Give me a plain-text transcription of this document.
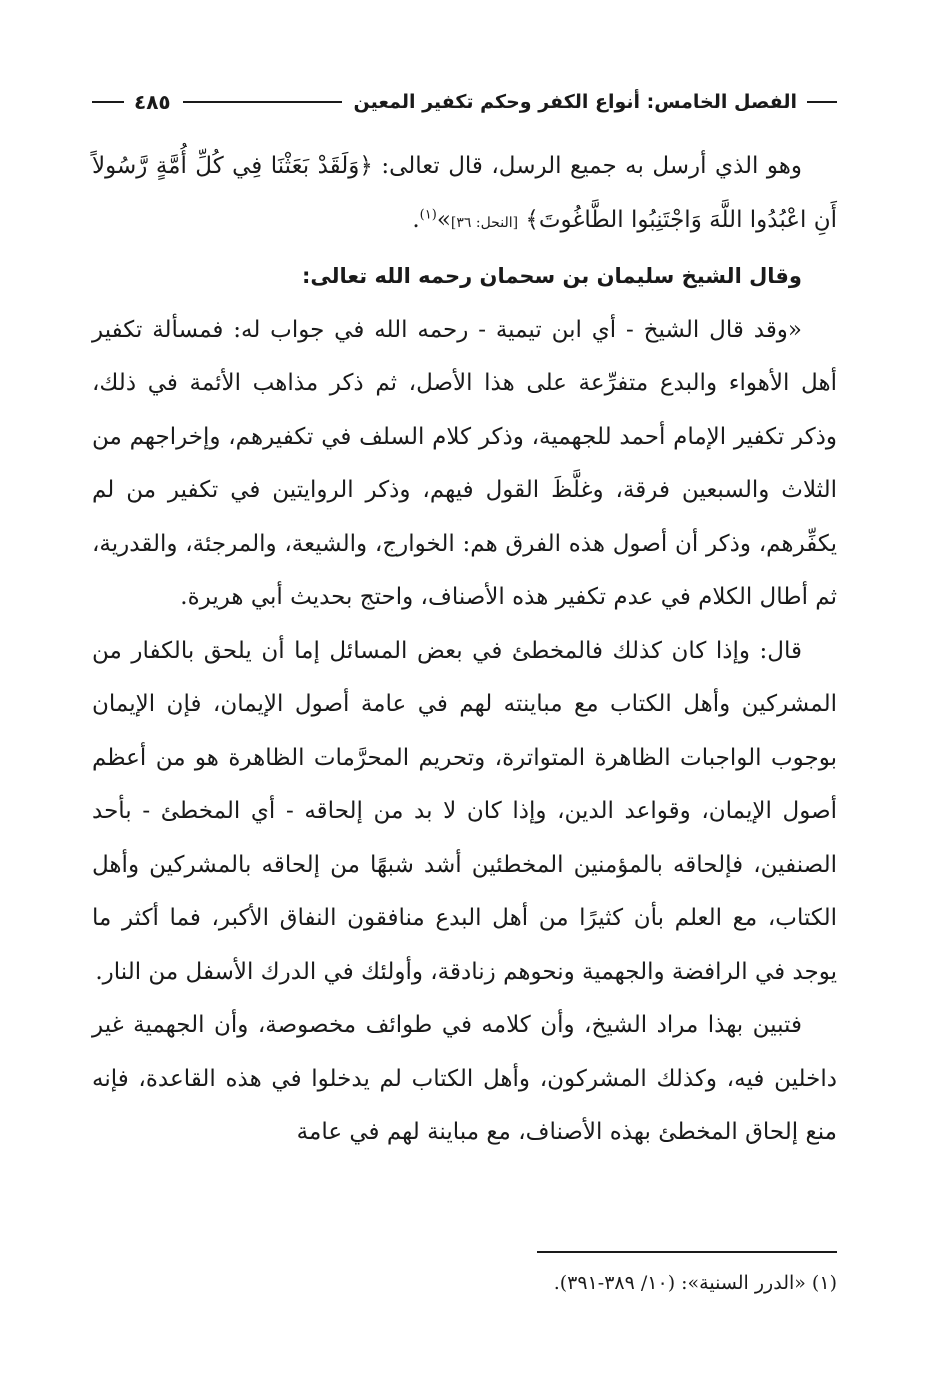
الفصل الخامس: أنواع الكفر وحكم تكفير المعين
٤٨٥

وهو الذي أرسل به جميع الرسل، قال تعالى: ﴿وَلَقَدْ بَعَثْنَا فِي كُلِّ أُمَّةٍ رَّسُولاً أَنِ اعْبُدُوا اللَّهَ وَاجْتَنِبُوا الطَّاغُوتَ﴾ [النحل: ٣٦]»$^{(١)}$.

وقال الشيخ سليمان بن سحمان رحمه الله تعالى:

«وقد قال الشيخ - أي ابن تيمية - رحمه الله في جواب له: فمسألة تكفير أهل الأهواء والبدع متفرِّعة على هذا الأصل، ثم ذكر مذاهب الأئمة في ذلك، وذكر تكفير الإمام أحمد للجهمية، وذكر كلام السلف في تكفيرهم، وإخراجهم من الثلاث والسبعين فرقة، وغلَّظَ القول فيهم، وذكر الروايتين في تكفير من لم يكفِّرهم، وذكر أن أصول هذه الفرق هم: الخوارج، والشيعة، والمرجئة، والقدرية، ثم أطال الكلام في عدم تكفير هذه الأصناف، واحتج بحديث أبي هريرة.

قال: وإذا كان كذلك فالمخطئ في بعض المسائل إما أن يلحق بالكفار من المشركين وأهل الكتاب مع مباينته لهم في عامة أصول الإيمان، فإن الإيمان بوجوب الواجبات الظاهرة المتواترة، وتحريم المحرَّمات الظاهرة هو من أعظم أصول الإيمان، وقواعد الدين، وإذا كان لا بد من إلحاقه - أي المخطئ - بأحد الصنفين، فإلحاقه بالمؤمنين المخطئين أشد شبهًا من إلحاقه بالمشركين وأهل الكتاب، مع العلم بأن كثيرًا من أهل البدع منافقون النفاق الأكبر، فما أكثر ما يوجد في الرافضة والجهمية ونحوهم زنادقة، وأولئك في الدرك الأسفل من النار.

فتبين بهذا مراد الشيخ، وأن كلامه في طوائف مخصوصة، وأن الجهمية غير داخلين فيه، وكذلك المشركون، وأهل الكتاب لم يدخلوا في هذه القاعدة، فإنه منع إلحاق المخطئ بهذه الأصناف، مع مباينة لهم في عامة

(١) «الدرر السنية»: (١٠/ ٣٨٩-٣٩١).
